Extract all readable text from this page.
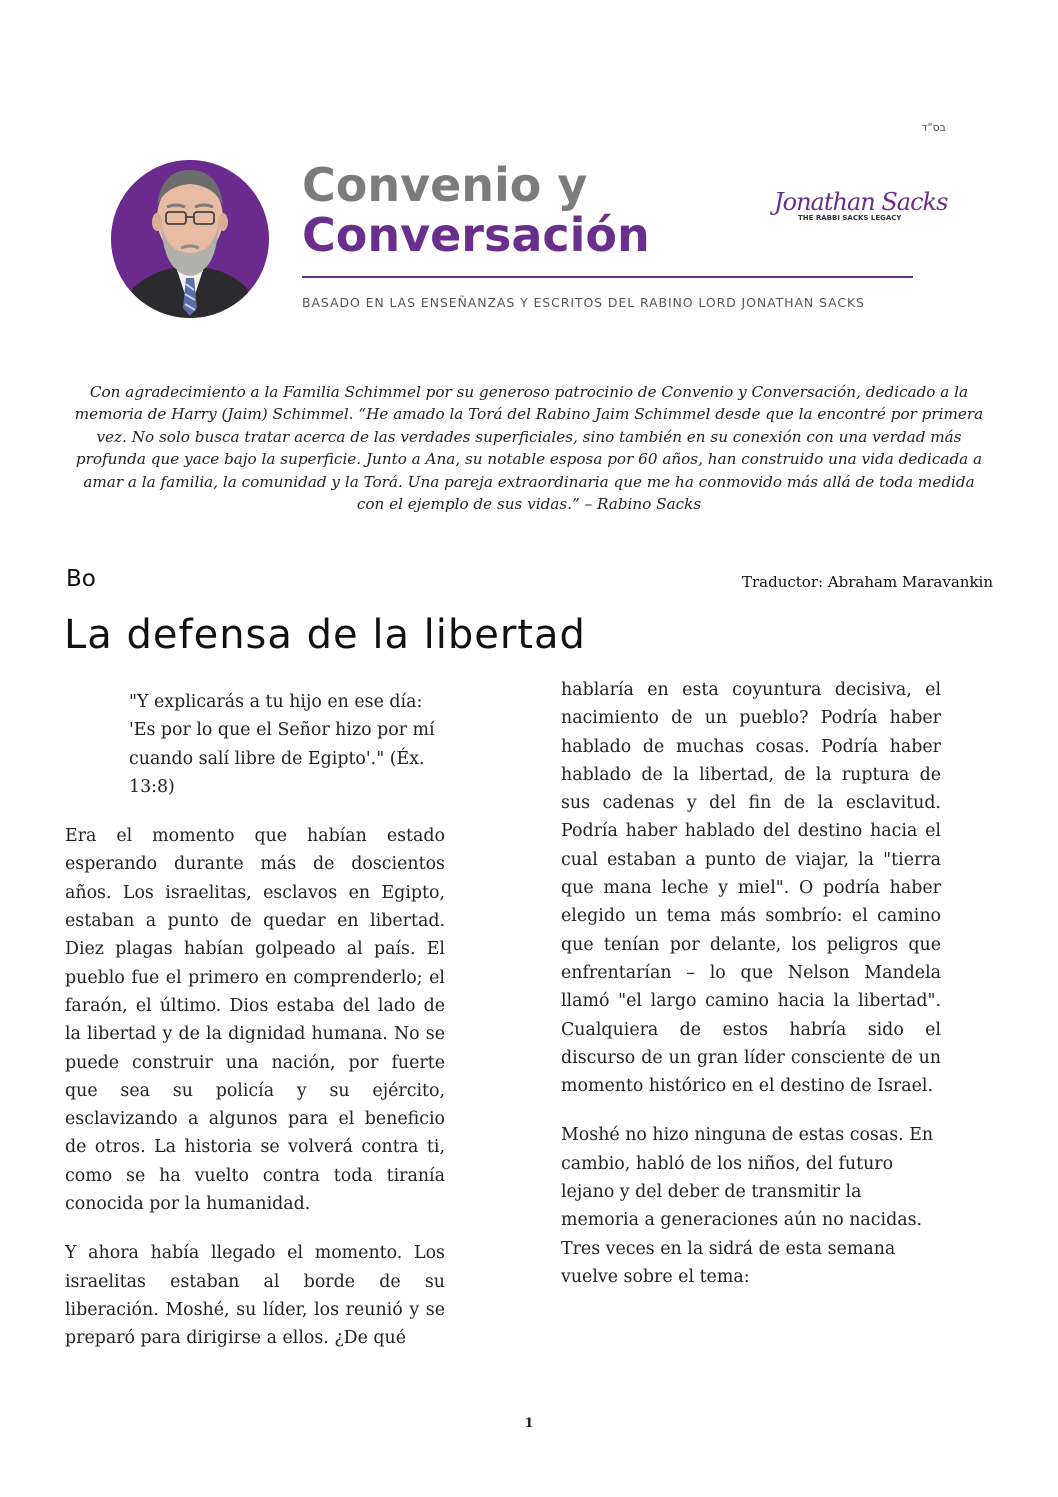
בס"ד
Convenio y
Conversación
Jonathan Sacks
THE RABBI SACKS LEGACY
BASADO EN LAS ENSEÑANZAS Y ESCRITOS DEL RABINO LORD JONATHAN SACKS
Con agradecimiento a la Familia Schimmel por su generoso patrocinio de Convenio y Conversación, dedicado a la memoria de Harry (Jaim) Schimmel. “He amado la Torá del Rabino Jaim Schimmel desde que la encontré por primera vez. No solo busca tratar acerca de las verdades superficiales, sino también en su conexión con una verdad más profunda que yace bajo la superficie. Junto a Ana, su notable esposa por 60 años, han construido una vida dedicada a amar a la familia, la comunidad y la Torá. Una pareja extraordinaria que me ha conmovido más allá de toda medida con el ejemplo de sus vidas.” – Rabino Sacks
Bo	Traductor: Abraham Maravankin
La defensa de la libertad
"Y explicarás a tu hijo en ese día: 'Es por lo que el Señor hizo por mí cuando salí libre de Egipto'." (Éx. 13:8)

Era el momento que habían estado esperando durante más de doscientos años. Los israelitas, esclavos en Egipto, estaban a punto de quedar en libertad. Diez plagas habían golpeado al país. El pueblo fue el primero en comprenderlo; el faraón, el último. Dios estaba del lado de la libertad y de la dignidad humana. No se puede construir una nación, por fuerte que sea su policía y su ejército, esclavizando a algunos para el beneficio de otros. La historia se volverá contra ti, como se ha vuelto contra toda tiranía conocida por la humanidad.

Y ahora había llegado el momento. Los israelitas estaban al borde de su liberación. Moshé, su líder, los reunió y se preparó para dirigirse a ellos. ¿De qué

hablaría en esta coyuntura decisiva, el nacimiento de un pueblo? Podría haber hablado de muchas cosas. Podría haber hablado de la libertad, de la ruptura de sus cadenas y del fin de la esclavitud. Podría haber hablado del destino hacia el cual estaban a punto de viajar, la "tierra que mana leche y miel". O podría haber elegido un tema más sombrío: el camino que tenían por delante, los peligros que enfrentarían – lo que Nelson Mandela llamó "el largo camino hacia la libertad". Cualquiera de estos habría sido el discurso de un gran líder consciente de un momento histórico en el destino de Israel.

Moshé no hizo ninguna de estas cosas. En cambio, habló de los niños, del futuro lejano y del deber de transmitir la memoria a generaciones aún no nacidas. Tres veces en la sidrá de esta semana vuelve sobre el tema:

1
